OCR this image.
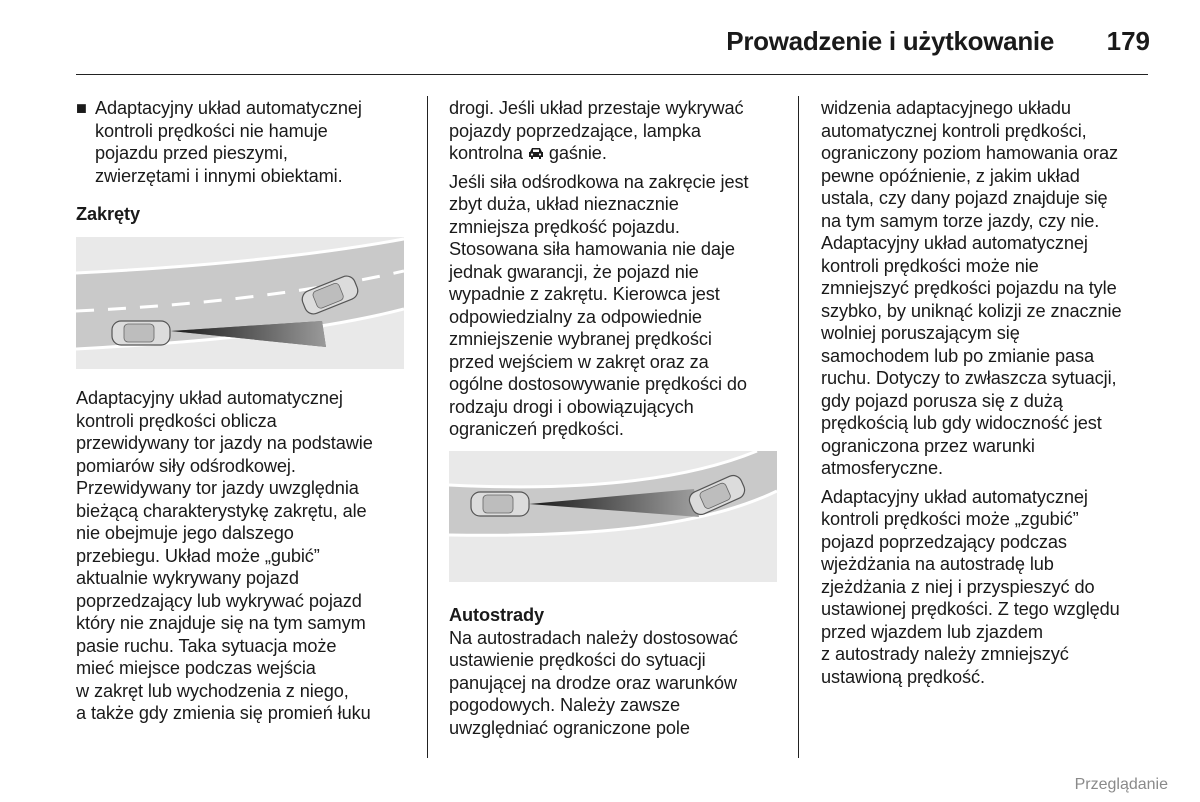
Prowadzenie i użytkowanie 179
■ Adaptacyjny układ automatycznej
kontroli prędkości nie hamuje
pojazdu przed pieszymi,
zwierzętami i innymi obiektami.
Zakręty
Adaptacyjny układ automatycznej
kontroli prędkości oblicza
przewidywany tor jazdy na podstawie
pomiarów siły odśrodkowej.
Przewidywany tor jazdy uwzględnia
bieżącą charakterystykę zakrętu, ale
nie obejmuje jego dalszego
przebiegu. Układ może „gubić”
aktualnie wykrywany pojazd
poprzedzający lub wykrywać pojazd
który nie znajduje się na tym samym
pasie ruchu. Taka sytuacja może
mieć miejsce podczas wejścia
w zakręt lub wychodzenia z niego,
a także gdy zmienia się promień łuku
drogi. Jeśli układ przestaje wykrywać
pojazdy poprzedzające, lampka
kontrolna gaśnie.
Jeśli siła odśrodkowa na zakręcie jest
zbyt duża, układ nieznacznie
zmniejsza prędkość pojazdu.
Stosowana siła hamowania nie daje
jednak gwarancji, że pojazd nie
wypadnie z zakrętu. Kierowca jest
odpowiedzialny za odpowiednie
zmniejszenie wybranej prędkości
przed wejściem w zakręt oraz za
ogólne dostosowywanie prędkości do
rodzaju drogi i obowiązujących
ograniczeń prędkości.
Autostrady
Na autostradach należy dostosować
ustawienie prędkości do sytuacji
panującej na drodze oraz warunków
pogodowych. Należy zawsze
uwzględniać ograniczone pole
widzenia adaptacyjnego układu
automatycznej kontroli prędkości,
ograniczony poziom hamowania oraz
pewne opóźnienie, z jakim układ
ustala, czy dany pojazd znajduje się
na tym samym torze jazdy, czy nie.
Adaptacyjny układ automatycznej
kontroli prędkości może nie
zmniejszyć prędkości pojazdu na tyle
szybko, by uniknąć kolizji ze znacznie
wolniej poruszającym się
samochodem lub po zmianie pasa
ruchu. Dotyczy to zwłaszcza sytuacji,
gdy pojazd porusza się z dużą
prędkością lub gdy widoczność jest
ograniczona przez warunki
atmosferyczne.
Adaptacyjny układ automatycznej
kontroli prędkości może „zgubić”
pojazd poprzedzający podczas
wjeżdżania na autostradę lub
zjeżdżania z niej i przyspieszyć do
ustawionej prędkości. Z tego względu
przed wjazdem lub zjazdem
z autostrady należy zmniejszyć
ustawioną prędkość.
Przeglądanie
